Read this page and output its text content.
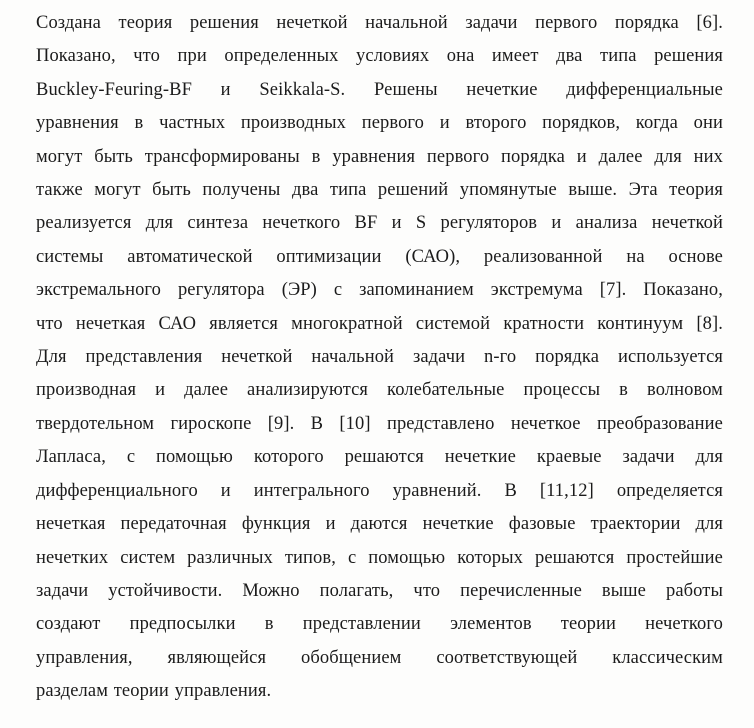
Создана теория решения нечеткой начальной задачи первого порядка [6].
Показано, что при определенных условиях она имеет два типа решения
Buckley-Feuring-BF и Seikkala-S. Решены нечеткие дифференциальные
уравнения в частных производных первого и второго порядков, когда они
могут быть трансформированы в уравнения первого порядка и далее для них
также могут быть получены два типа решений упомянутые выше. Эта теория
реализуется для синтеза нечеткого BF и S регуляторов и анализа нечеткой
системы автоматической оптимизации (САО), реализованной на основе
экстремального регулятора (ЭР) с запоминанием экстремума [7]. Показано,
что нечеткая САО является многократной системой кратности континуум [8].
Для представления нечеткой начальной задачи n-го порядка используется
производная и далее анализируются колебательные процессы в волновом
твердотельном гироскопе [9]. В [10] представлено нечеткое преобразование
Лапласа, с помощью которого решаются нечеткие краевые задачи для
дифференциального и интегрального уравнений. В [11,12] определяется
нечеткая передаточная функция и даются нечеткие фазовые траектории для
нечетких систем различных типов, с помощью которых решаются простейшие
задачи устойчивости. Можно полагать, что перечисленные выше работы
создают предпосылки в представлении элементов теории нечеткого
управления, являющейся обобщением соответствующей классическим
разделам теории управления.
